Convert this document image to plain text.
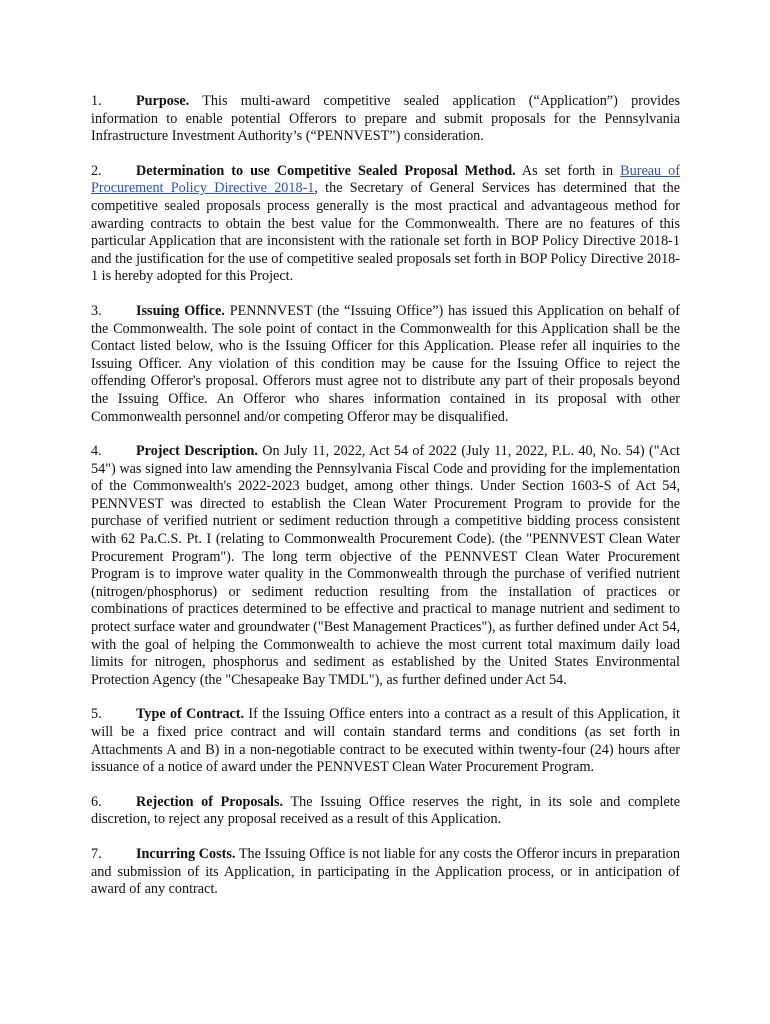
1. Purpose. This multi-award competitive sealed application (“Application”) provides information to enable potential Offerors to prepare and submit proposals for the Pennsylvania Infrastructure Investment Authority’s (“PENNVEST”) consideration.

2. Determination to use Competitive Sealed Proposal Method. As set forth in Bureau of Procurement Policy Directive 2018-1, the Secretary of General Services has determined that the competitive sealed proposals process generally is the most practical and advantageous method for awarding contracts to obtain the best value for the Commonwealth. There are no features of this particular Application that are inconsistent with the rationale set forth in BOP Policy Directive 2018-1 and the justification for the use of competitive sealed proposals set forth in BOP Policy Directive 2018-1 is hereby adopted for this Project.

3. Issuing Office. PENNNVEST (the “Issuing Office”) has issued this Application on behalf of the Commonwealth. The sole point of contact in the Commonwealth for this Application shall be the Contact listed below, who is the Issuing Officer for this Application. Please refer all inquiries to the Issuing Officer. Any violation of this condition may be cause for the Issuing Office to reject the offending Offeror's proposal. Offerors must agree not to distribute any part of their proposals beyond the Issuing Office. An Offeror who shares information contained in its proposal with other Commonwealth personnel and/or competing Offeror may be disqualified.

4. Project Description. On July 11, 2022, Act 54 of 2022 (July 11, 2022, P.L. 40, No. 54) ("Act 54") was signed into law amending the Pennsylvania Fiscal Code and providing for the implementation of the Commonwealth's 2022-2023 budget, among other things. Under Section 1603-S of Act 54, PENNVEST was directed to establish the Clean Water Procurement Program to provide for the purchase of verified nutrient or sediment reduction through a competitive bidding process consistent with 62 Pa.C.S. Pt. I (relating to Commonwealth Procurement Code). (the "PENNVEST Clean Water Procurement Program"). The long term objective of the PENNVEST Clean Water Procurement Program is to improve water quality in the Commonwealth through the purchase of verified nutrient (nitrogen/phosphorus) or sediment reduction resulting from the installation of practices or combinations of practices determined to be effective and practical to manage nutrient and sediment to protect surface water and groundwater ("Best Management Practices"), as further defined under Act 54, with the goal of helping the Commonwealth to achieve the most current total maximum daily load limits for nitrogen, phosphorus and sediment as established by the United States Environmental Protection Agency (the "Chesapeake Bay TMDL"), as further defined under Act 54.

5. Type of Contract. If the Issuing Office enters into a contract as a result of this Application, it will be a fixed price contract and will contain standard terms and conditions (as set forth in Attachments A and B) in a non-negotiable contract to be executed within twenty-four (24) hours after issuance of a notice of award under the PENNVEST Clean Water Procurement Program.

6. Rejection of Proposals. The Issuing Office reserves the right, in its sole and complete discretion, to reject any proposal received as a result of this Application.

7. Incurring Costs. The Issuing Office is not liable for any costs the Offeror incurs in preparation and submission of its Application, in participating in the Application process, or in anticipation of award of any contract.
